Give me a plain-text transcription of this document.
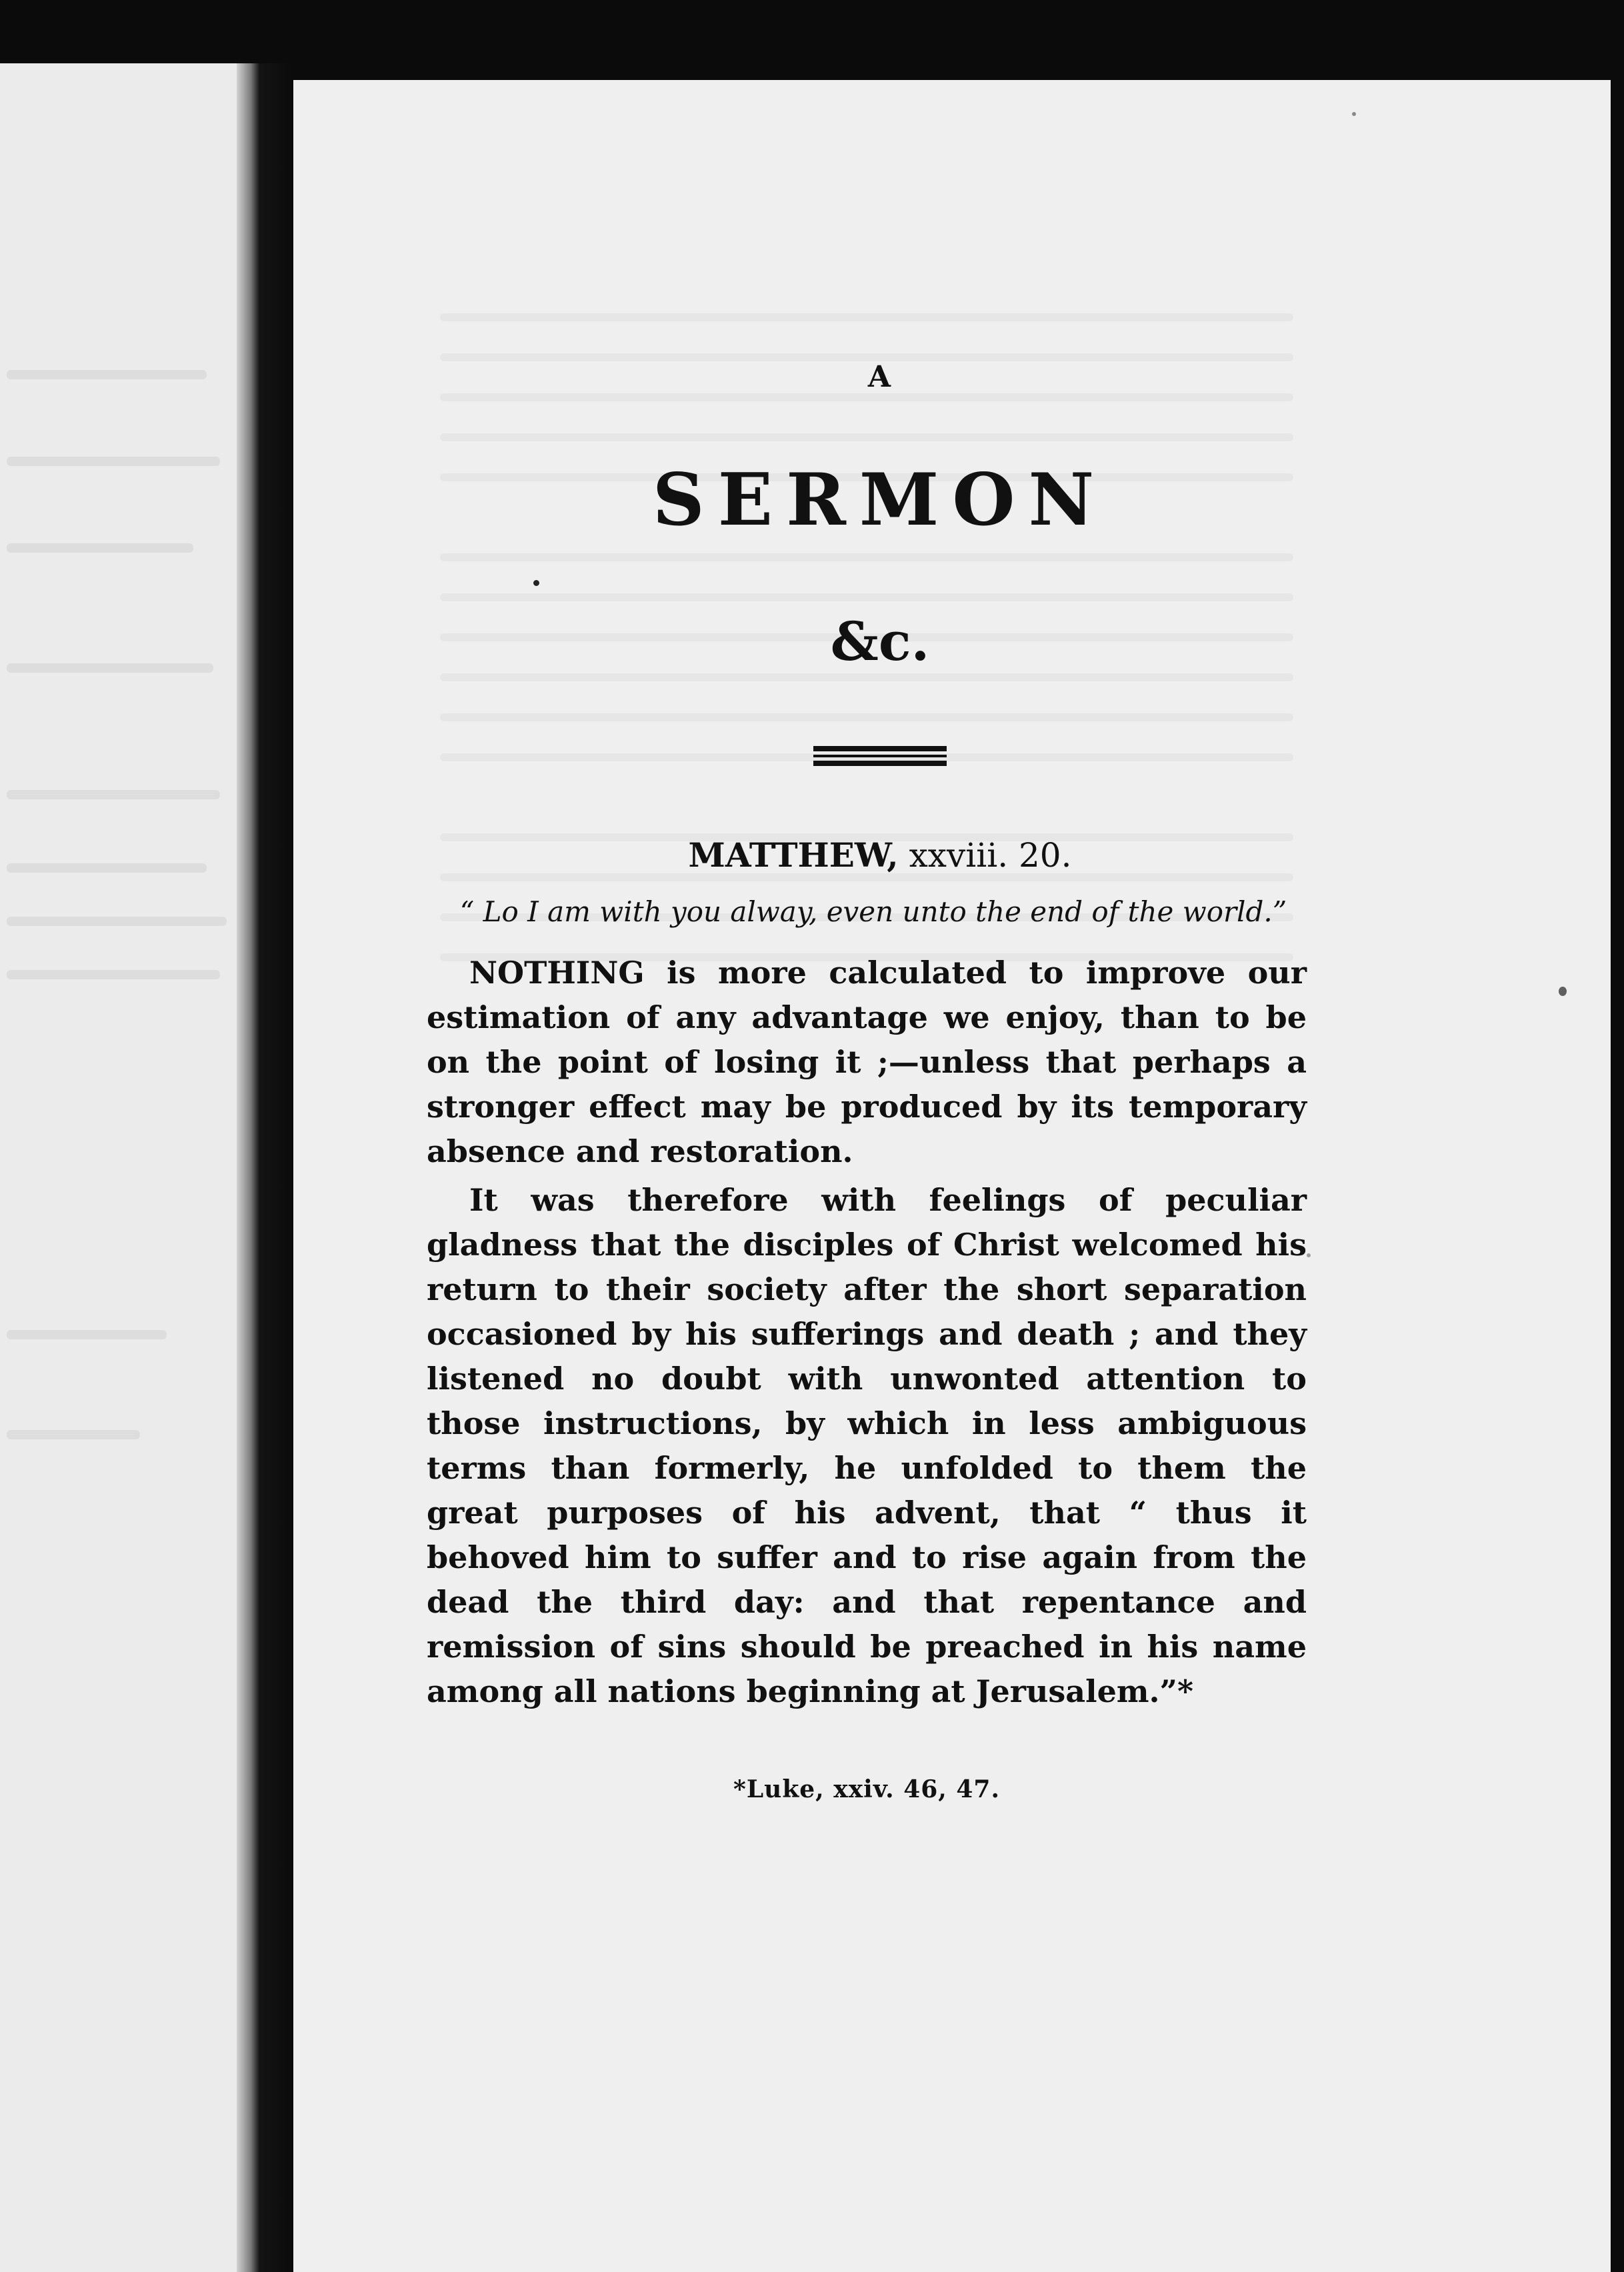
A
SERMON
&c.
MATTHEW, xxviii. 20.
“ Lo I am with you alway, even unto the end of the world.”

NOTHING is more calculated to improve our estimation of any advantage we enjoy, than to be on the point of losing it ;—unless that perhaps a stronger effect may be produced by its temporary absence and restoration.

It was therefore with feelings of peculiar gladness that the disciples of Christ welcomed his return to their society after the short separation occasioned by his sufferings and death ; and they listened no doubt with unwonted attention to those instructions, by which in less ambiguous terms than formerly, he unfolded to them the great purposes of his advent, that “ thus it behoved him to suffer and to rise again from the dead the third day: and that repentance and remission of sins should be preached in his name among all nations beginning at Jerusalem.”*

*Luke, xxiv. 46, 47.
